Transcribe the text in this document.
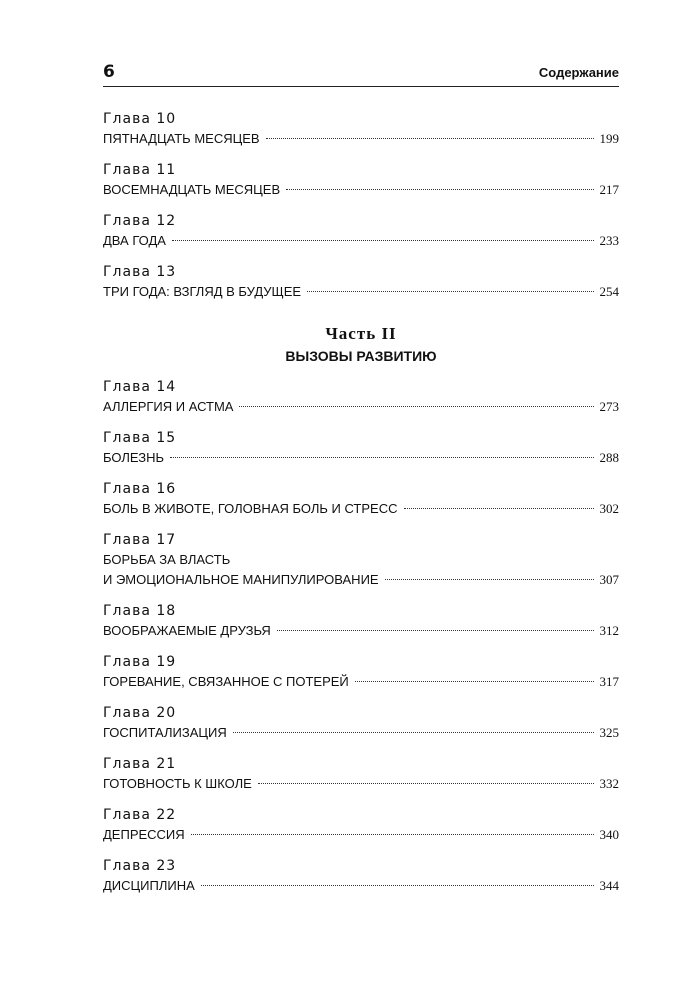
6	Содержание
Глава 10
ПЯТНАДЦАТЬ МЕСЯЦЕВ	199
Глава 11
ВОСЕМНАДЦАТЬ МЕСЯЦЕВ	217
Глава 12
ДВА ГОДА	233
Глава 13
ТРИ ГОДА: ВЗГЛЯД В БУДУЩЕЕ	254
Часть II
ВЫЗОВЫ РАЗВИТИЮ
Глава 14
АЛЛЕРГИЯ И АСТМА	273
Глава 15
БОЛЕЗНЬ	288
Глава 16
БОЛЬ В ЖИВОТЕ, ГОЛОВНАЯ БОЛЬ И СТРЕСС	302
Глава 17
БОРЬБА ЗА ВЛАСТЬ
И ЭМОЦИОНАЛЬНОЕ МАНИПУЛИРОВАНИЕ	307
Глава 18
ВООБРАЖАЕМЫЕ ДРУЗЬЯ	312
Глава 19
ГОРЕВАНИЕ, СВЯЗАННОЕ С ПОТЕРЕЙ	317
Глава 20
ГОСПИТАЛИЗАЦИЯ	325
Глава 21
ГОТОВНОСТЬ К ШКОЛЕ	332
Глава 22
ДЕПРЕССИЯ	340
Глава 23
ДИСЦИПЛИНА	344
